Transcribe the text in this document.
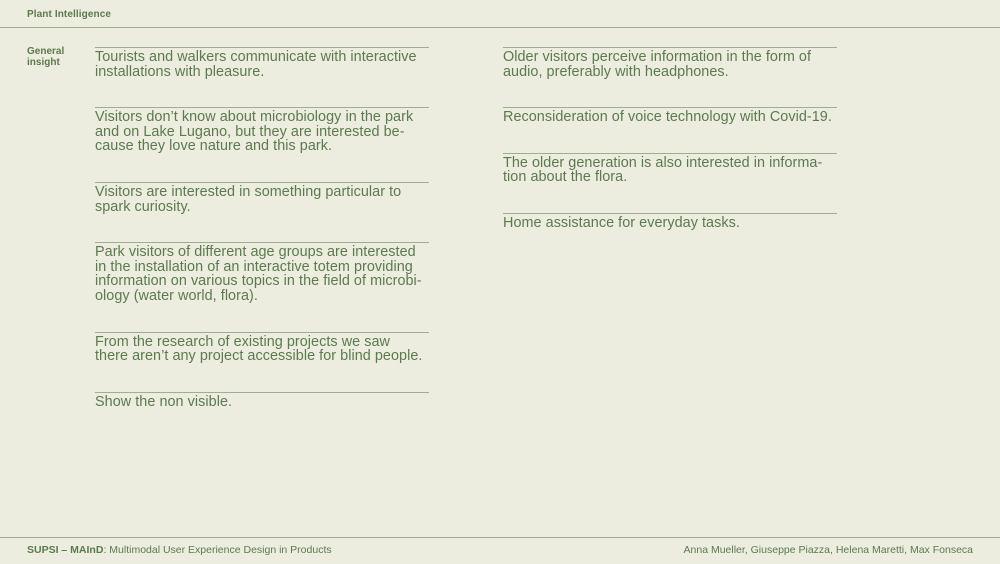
Plant Intelligence
General
insight	Tourists and walkers communicate with interactive
installations with pleasure.
Visitors don’t know about microbiology in the park
and on Lake Lugano, but they are interested be-
cause they love nature and this park.
Visitors are interested in something particular to
spark curiosity.
Park visitors of different age groups are interested
in the installation of an interactive totem providing
information on various topics in the field of microbi-
ology (water world, flora).
From the research of existing projects we saw
there aren’t any project accessible for blind people.
Show the non visible.
Older visitors perceive information in the form of
audio, preferably with headphones.
Reconsideration of voice technology with Covid-19.
The older generation is also interested in informa-
tion about the flora.
Home assistance for everyday tasks.
SUPSI – MAInD: Multimodal User Experience Design in Products	Anna Mueller, Giuseppe Piazza, Helena Maretti, Max Fonseca
